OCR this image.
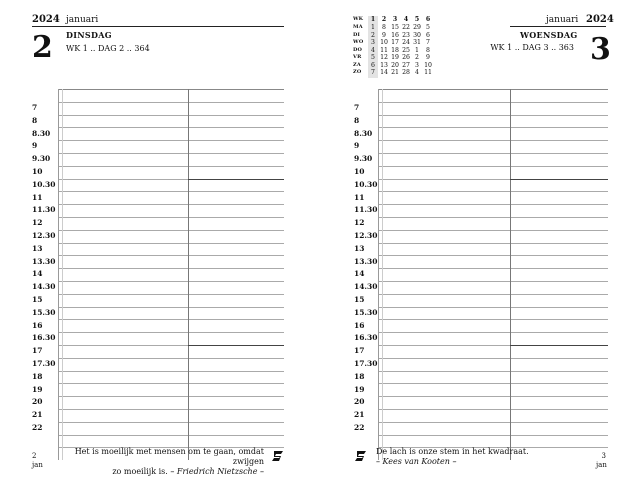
2024 januari
2 DINSDAG
WK 1 .. DAG 2 .. 364
7
8
8.30
9
9.30
10
10.30
11
11.30
12
12.30
13
13.30
14
14.30
15
15.30
16
16.30
17
17.30
18
19
20
21
22
Het is moeilijk met mensen om te gaan, omdat zwijgen
zo moeilijk is. – Friedrich Nietzsche –
2
jan
2024
januari
3
WOENSDAG
WK 1 .. DAG 3 .. 363
7
8
8.30
9
9.30
10
10.30
11
11.30
12
12.30
13
13.30
14
14.30
15
15.30
16
16.30
17
17.30
18
19
20
21
22
De lach is onze stem in het kwadraat.
– Kees van Kooten –
3
jan
WK	1	2	3	4	5	6
MA	1	8 15 22 29 5
DI	2	9 16 23 30 6
WO	3 10 17 24 31 7
DO	4 11 18 25 1	8
VR	5 12 19 26 2	9
ZA	6 13 20 27 3 10
ZO	7 14 21 28 4 11
